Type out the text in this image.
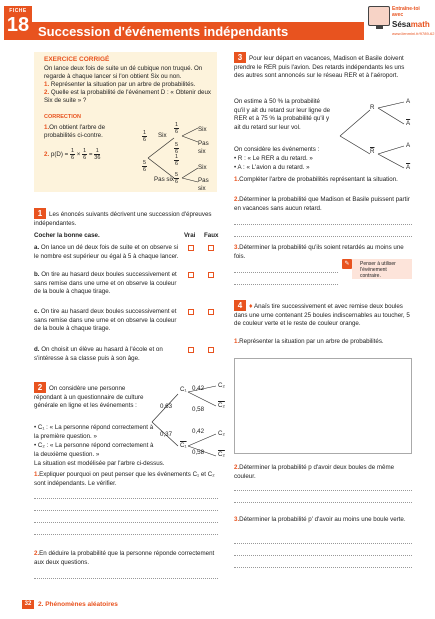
FICHE
18 Succession d'événements indépendants
Entraîne-toi avec
Sésamath
www.lienmini.fr/9789-62
EXERCICE CORRIGÉ
On lance deux fois de suite un dé cubique non truqué. On regarde à chaque lancer si l'on obtient Six ou non.
1. Représenter la situation par un arbre de probabilités.
2. Quelle est la probabilité de l'événement D : « Obtenir deux Six de suite » ?
CORRECTION
1.On obtient l'arbre de probabilités ci-contre.
2. $p(D) = \frac{1}{6} \times \frac{1}{6} = \frac{1}{36}$
$\frac{1}{6}$
$\frac{5}{6}$
Six
Pas six
$\frac{1}{6}$
$\frac{5}{6}$
$\frac{1}{6}$
$\frac{5}{6}$
Six
Pas six
Six
Pas six
1 Les énoncés suivants décrivent une succession d'épreuves indépendantes.
Cocher la bonne case.	Vrai Faux
a. On lance un dé deux fois de suite et on observe si le nombre est supérieur ou égal à 5 à chaque lancer.
b. On tire au hasard deux boules successivement et sans remise dans une urne et on observe la couleur de la boule à chaque tirage.
c. On tire au hasard deux boules successivement et sans remise dans une urne et on observe la couleur de la boule à chaque tirage.
d. On choisit un élève au hasard à l'école et on s'intéresse à sa classe puis à son âge.
2 On considère une personne répondant à un questionnaire de culture générale en ligne et les événements :
• C₁ : « La personne répond correctement à la première question. »
• C₂ : « La personne répond correctement à la deuxième question. »
La situation est modélisée par l'arbre ci-dessus.
0,63
0,37
C₁
C₁
0,42
0,58
0,42
0,58
C₂
C₂
C₂
C₂
1.Expliquer pourquoi on peut penser que les événements C₁ et C₂ sont indépendants. Le vérifier.
2.En déduire la probabilité que la personne réponde correctement aux deux questions.
3 Pour leur départ en vacances, Madison et Basile doivent prendre le RER puis l'avion. Des retards indépendants les uns des autres sont annoncés sur le réseau RER et à l'aéroport.
On estime à 50 % la probabilité qu'il y ait du retard sur leur ligne de RER et à 75 % la probabilité qu'il y ait du retard sur leur vol.
On considère les événements :
• R : « Le RER a du retard. »
• A : « L'avion a du retard. »
R
$\overline{R}$
A
$\overline{A}$
A
$\overline{A}$
1.Compléter l'arbre de probabilités représentant la situation.
2.Déterminer la probabilité que Madison et Basile puissent partir en vacances sans aucun retard.
3.Déterminer la probabilité qu'ils soient retardés au moins une fois.
✎	Penser à utiliser l'événement contraire.
4 ♦ Anaïs tire successivement et avec remise deux boules dans une urne contenant 25 boules indiscernables au toucher, 5 de couleur verte et le reste de couleur orange.
1.Représenter la situation par un arbre de probabilités.
2.Déterminer la probabilité p d'avoir deux boules de même couleur.
3.Déterminer la probabilité p' d'avoir au moins une boule verte.
32	2. Phénomènes aléatoires
